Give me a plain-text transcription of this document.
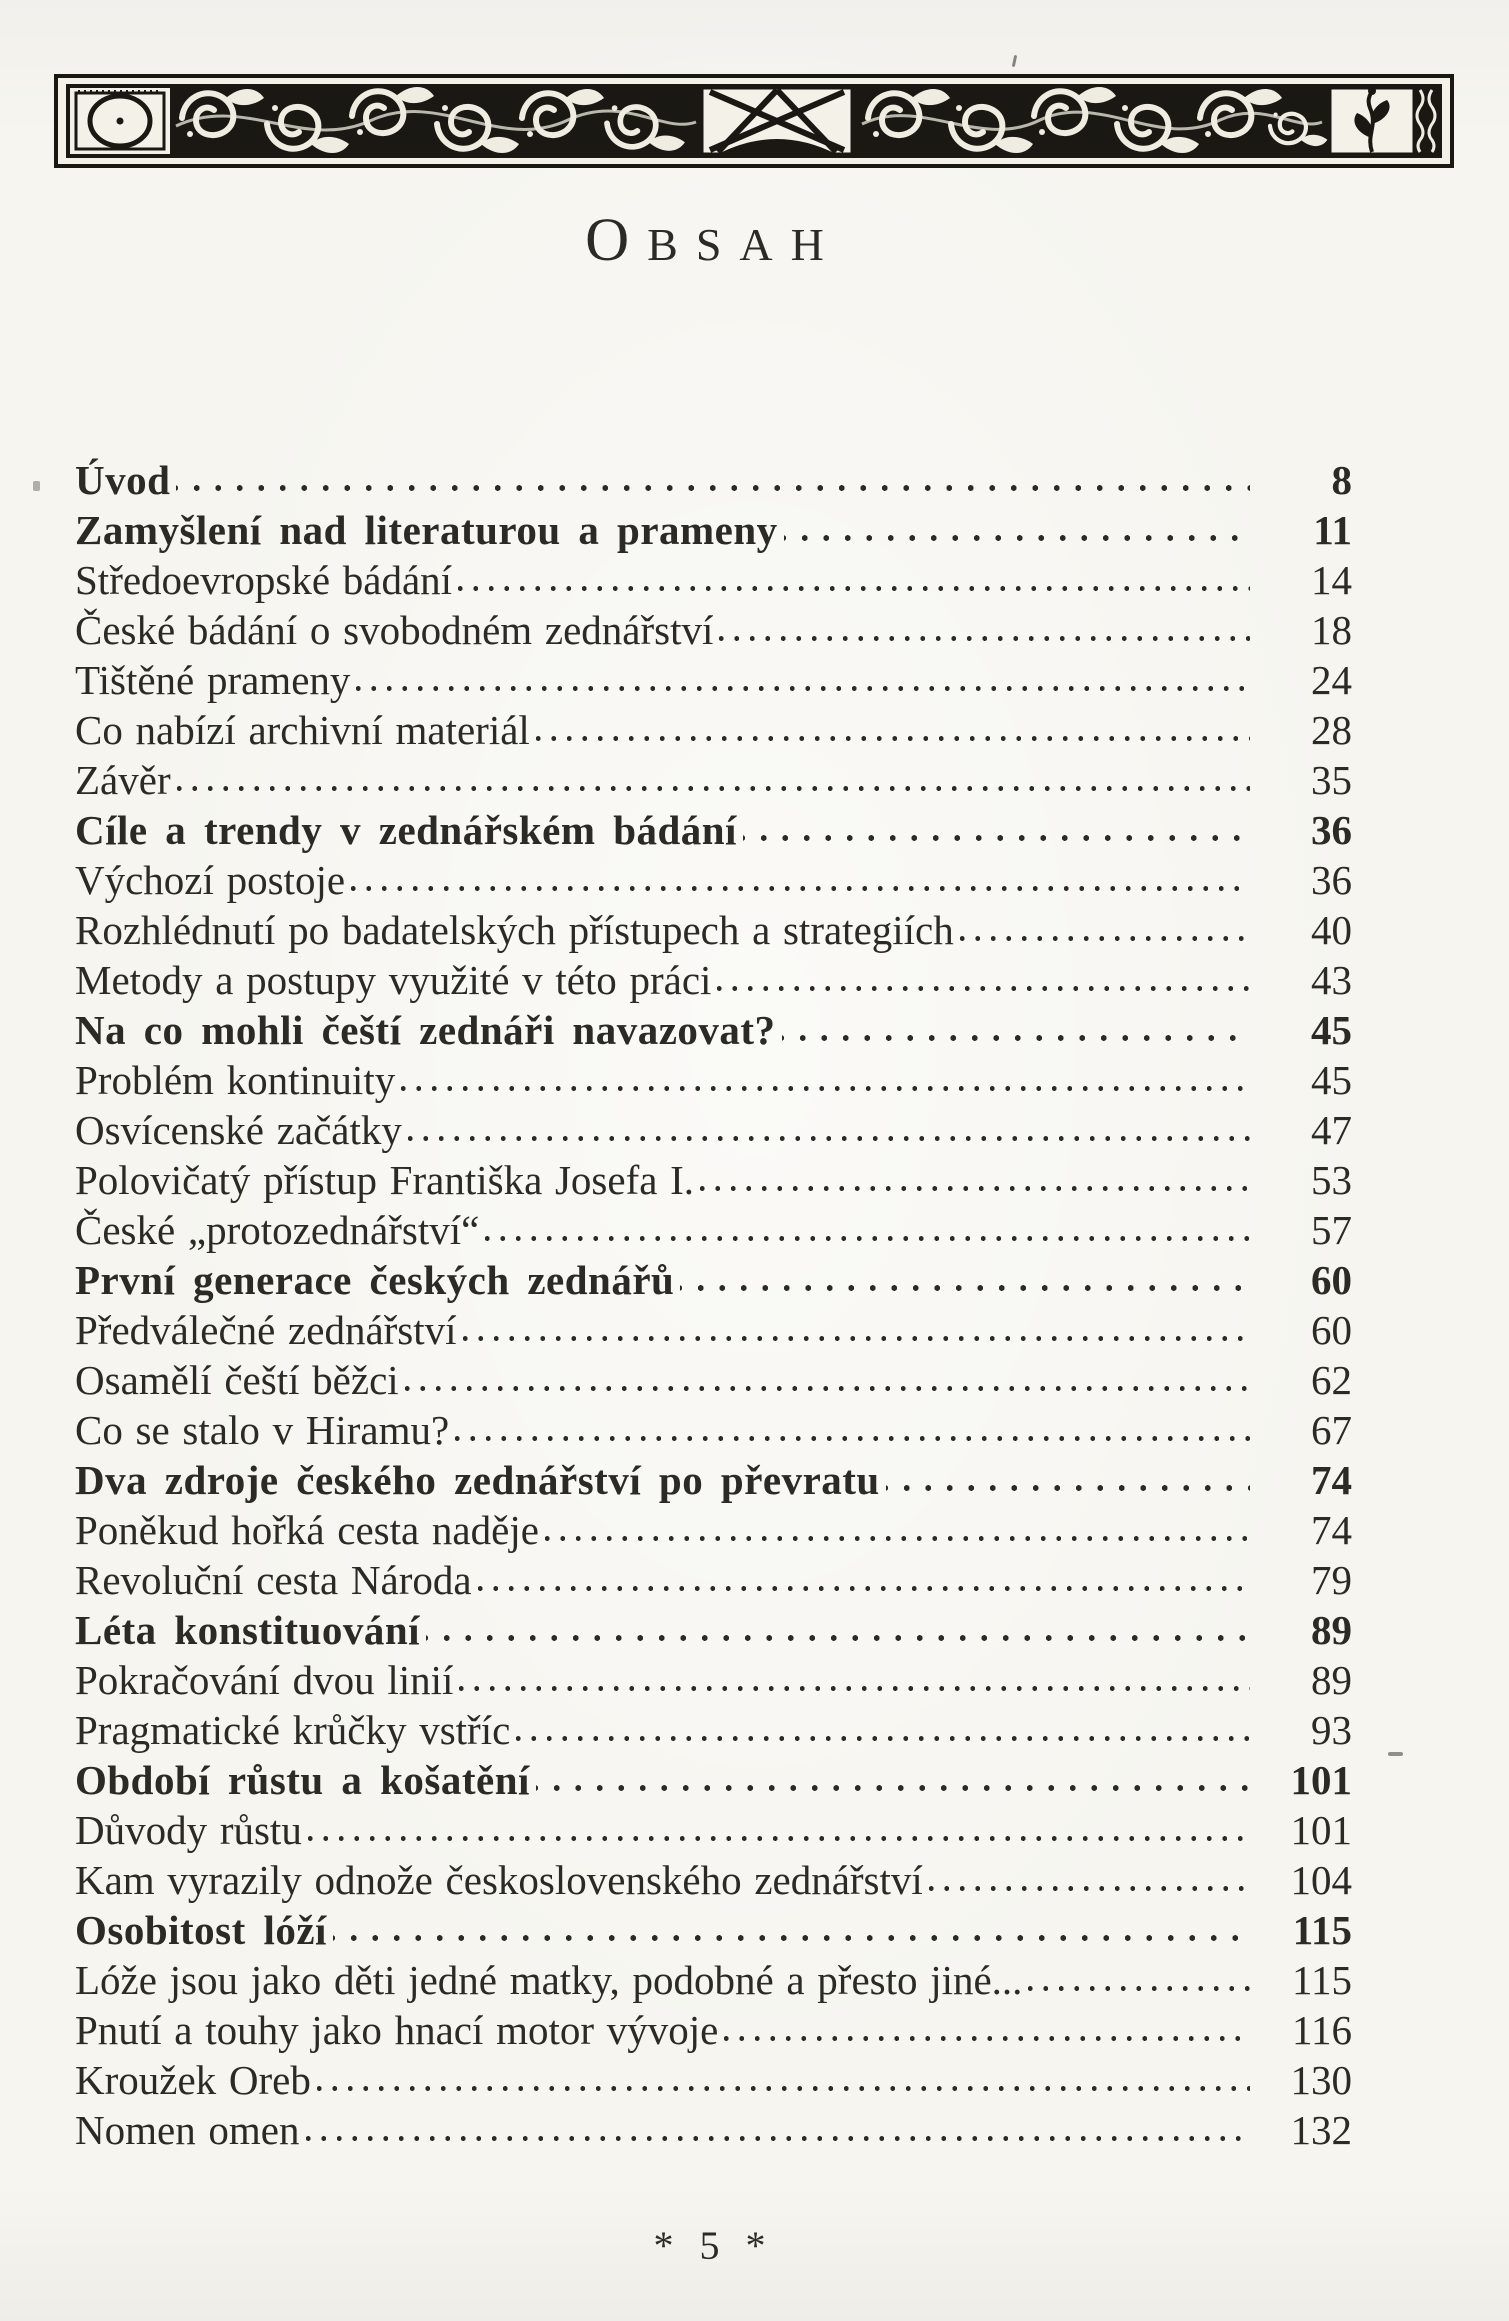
OBSAH
Úvod	8
Zamyšlení nad literaturou a prameny	11
Středoevropské bádání	14
České bádání o svobodném zednářství	18
Tištěné prameny	24
Co nabízí archivní materiál	28
Závěr	35
Cíle a trendy v zednářském bádání	36
Výchozí postoje	36
Rozhlédnutí po badatelských přístupech a strategiích	40
Metody a postupy využité v této práci	43
Na co mohli čeští zednáři navazovat?	45
Problém kontinuity	45
Osvícenské začátky	47
Polovičatý přístup Františka Josefa I.	53
České „protozednářství“	57
První generace českých zednářů	60
Předválečné zednářství	60
Osamělí čeští běžci	62
Co se stalo v Hiramu?	67
Dva zdroje českého zednářství po převratu	74
Poněkud hořká cesta naděje	74
Revoluční cesta Národa	79
Léta konstituování	89
Pokračování dvou linií	89
Pragmatické krůčky vstříc	93
Období růstu a košatění	101
Důvody růstu	101
Kam vyrazily odnože československého zednářství	104
Osobitost lóží	115
Lóže jsou jako děti jedné matky, podobné a přesto jiné...	115
Pnutí a touhy jako hnací motor vývoje	116
Kroužek Oreb	130
Nomen omen	132
* 5 *
